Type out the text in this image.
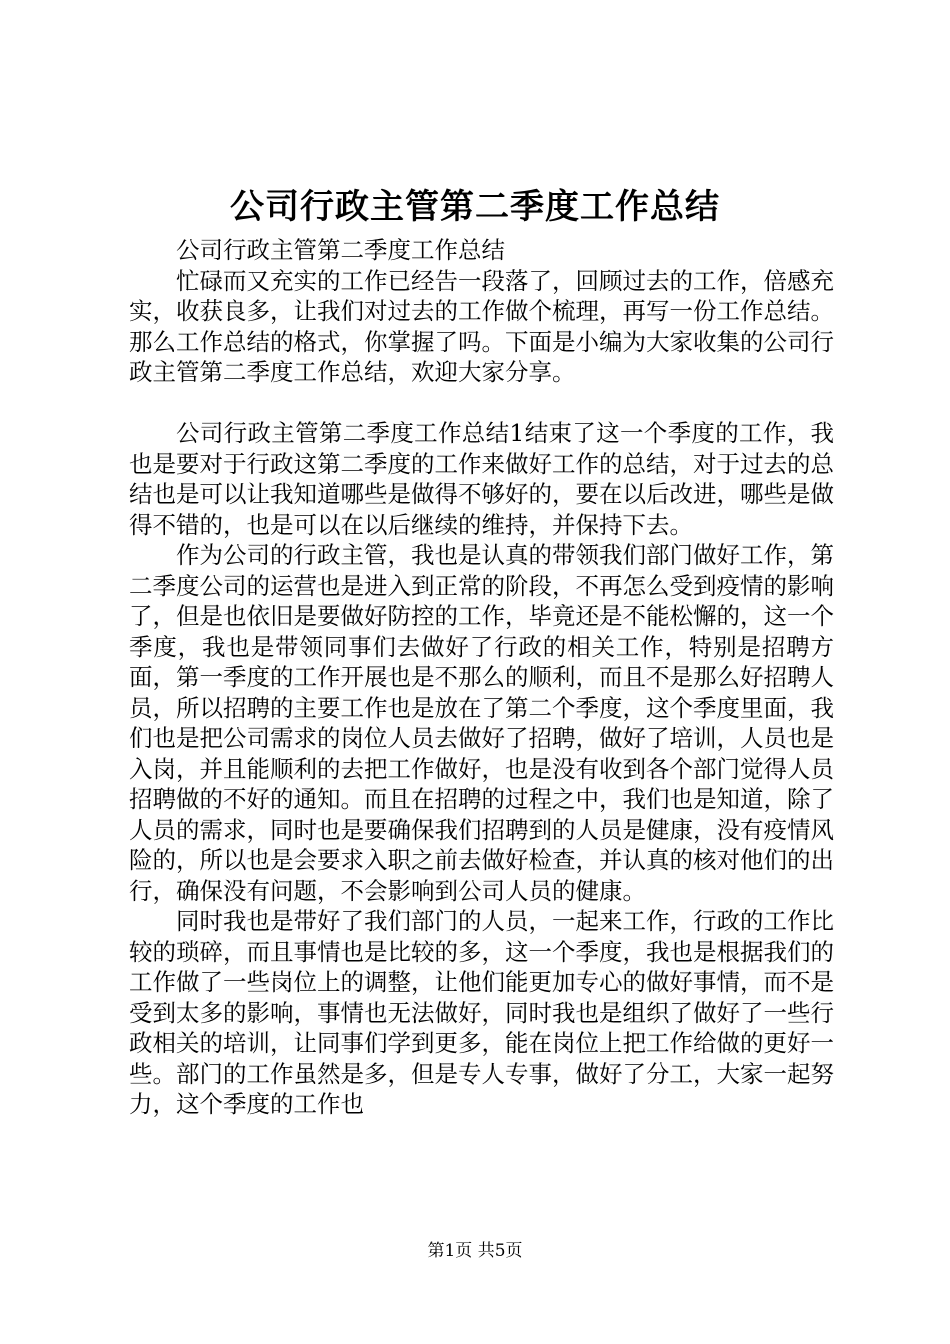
公司行政主管第二季度工作总结

公司行政主管第二季度工作总结

忙碌而又充实的工作已经告一段落了，回顾过去的工作，倍感充实，收获良多，让我们对过去的工作做个梳理，再写一份工作总结。那么工作总结的格式，你掌握了吗。下面是小编为大家收集的公司行政主管第二季度工作总结，欢迎大家分享。

公司行政主管第二季度工作总结1结束了这一个季度的工作，我也是要对于行政这第二季度的工作来做好工作的总结，对于过去的总结也是可以让我知道哪些是做得不够好的，要在以后改进，哪些是做得不错的，也是可以在以后继续的维持，并保持下去。

作为公司的行政主管，我也是认真的带领我们部门做好工作，第二季度公司的运营也是进入到正常的阶段，不再怎么受到疫情的影响了，但是也依旧是要做好防控的工作，毕竟还是不能松懈的，这一个季度，我也是带领同事们去做好了行政的相关工作，特别是招聘方面，第一季度的工作开展也是不那么的顺利，而且不是那么好招聘人员，所以招聘的主要工作也是放在了第二个季度，这个季度里面，我们也是把公司需求的岗位人员去做好了招聘，做好了培训，人员也是入岗，并且能顺利的去把工作做好，也是没有收到各个部门觉得人员招聘做的不好的通知。而且在招聘的过程之中，我们也是知道，除了人员的需求，同时也是要确保我们招聘到的人员是健康，没有疫情风险的，所以也是会要求入职之前去做好检查，并认真的核对他们的出行，确保没有问题，不会影响到公司人员的健康。

同时我也是带好了我们部门的人员，一起来工作，行政的工作比较的琐碎，而且事情也是比较的多，这一个季度，我也是根据我们的工作做了一些岗位上的调整，让他们能更加专心的做好事情，而不是受到太多的影响，事情也无法做好，同时我也是组织了做好了一些行政相关的培训，让同事们学到更多，能在岗位上把工作给做的更好一些。部门的工作虽然是多，但是专人专事，做好了分工，大家一起努力，这个季度的工作也

第1页 共5页
